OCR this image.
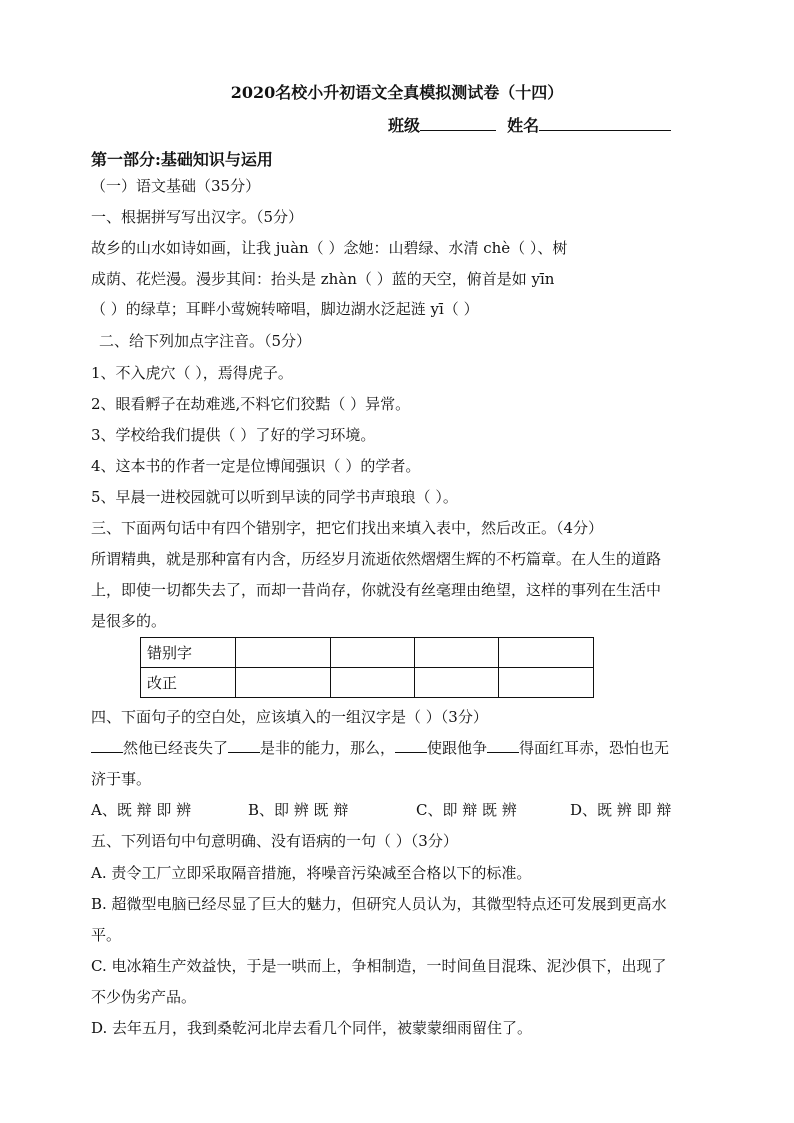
2020名校小升初语文全真模拟测试卷（十四）
班级	姓名
第一部分:基础知识与运用
（一）语文基础（35分）
一、根据拼写写出汉字。（5分）
故乡的山水如诗如画，让我 juàn（ ）念她：山碧绿、水清 chè（ ）、树
成荫、花烂漫。漫步其间：抬头是 zhàn（ ）蓝的天空，俯首是如 yīn
（ ）的绿草；耳畔小莺婉转啼唱，脚边湖水泛起涟 yī（ ）
二、给下列加点字注音。（5分）
1、不入虎穴（ ），焉得虎子。
2、眼看孵子在劫难逃,不料它们狡黠（ ）异常。
3、学校给我们提供（ ）了好的学习环境。
4、这本书的作者一定是位博闻强识（ ）的学者。
5、早晨一进校园就可以听到早读的同学书声琅琅（ ）。
三、下面两句话中有四个错别字，把它们找出来填入表中，然后改正。（4分）
所谓精典，就是那种富有内含，历经岁月流逝依然熠熠生辉的不朽篇章。在人生的道路
上，即使一切都失去了，而却一昔尚存，你就没有丝毫理由绝望，这样的事列在生活中
是很多的。
错别字				
改正				
四、下面句子的空白处，应该填入的一组汉字是（ ）（3分）
然他已经丧失了 是非的能力，那么， 使跟他争 得面红耳赤，恐怕也无
济于事。
A、既 辩 即 辨	B、即 辨 既 辩	C、即 辩 既 辨	D、既 辨 即 辩
五、下列语句中句意明确、没有语病的一句（ ）（3分）
A. 责令工厂立即采取隔音措施，将噪音污染减至合格以下的标准。
B. 超微型电脑已经尽显了巨大的魅力，但研究人员认为，其微型特点还可发展到更高水
平。
C. 电冰箱生产效益快，于是一哄而上，争相制造，一时间鱼目混珠、泥沙俱下，出现了
不少伪劣产品。
D. 去年五月，我到桑乾河北岸去看几个同伴，被蒙蒙细雨留住了。
